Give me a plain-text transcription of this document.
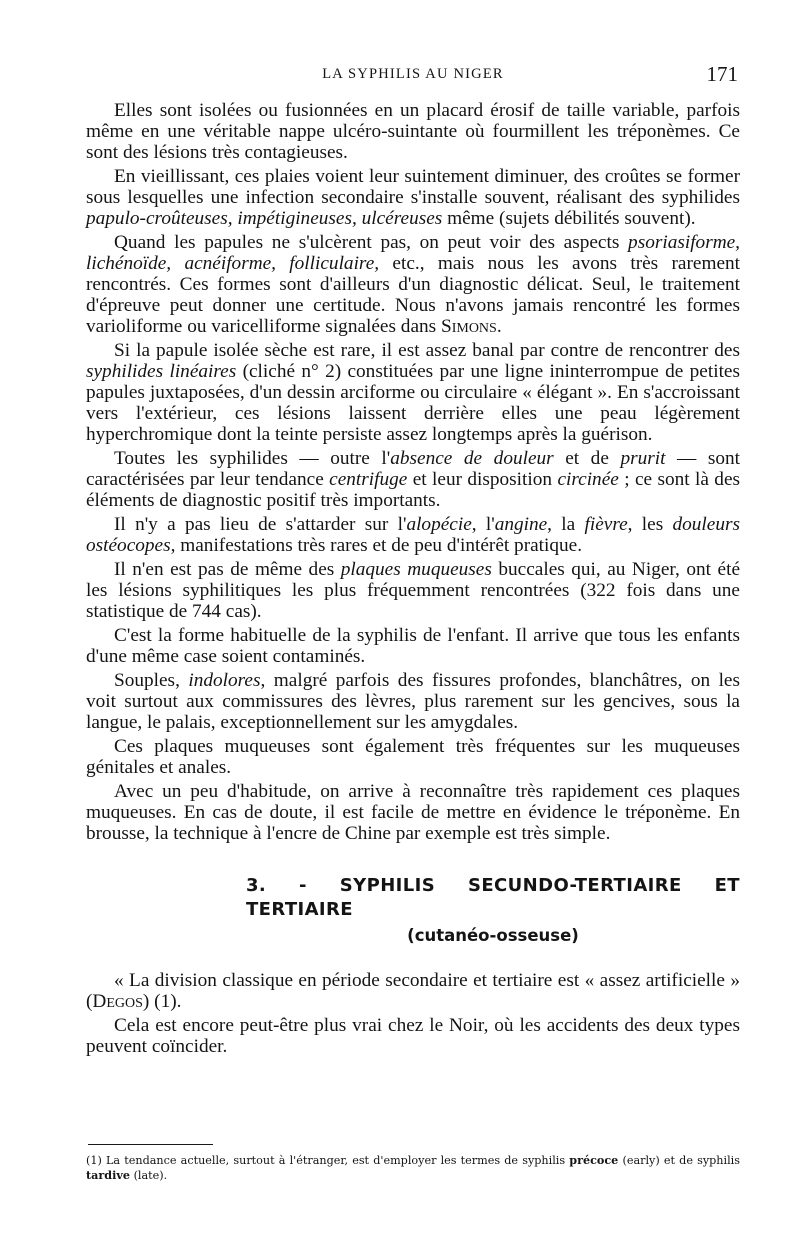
LA SYPHILIS AU NIGER	171

Elles sont isolées ou fusionnées en un placard érosif de taille variable, parfois même en une véritable nappe ulcéro-suintante où fourmillent les tréponèmes. Ce sont des lésions très contagieuses.

En vieillissant, ces plaies voient leur suintement diminuer, des croûtes se former sous lesquelles une infection secondaire s'installe souvent, réalisant des syphilides papulo-croûteuses, impétigineuses, ulcéreuses même (sujets débilités souvent).

Quand les papules ne s'ulcèrent pas, on peut voir des aspects psoriasiforme, lichénoïde, acnéiforme, folliculaire, etc., mais nous les avons très rarement rencontrés. Ces formes sont d'ailleurs d'un diagnostic délicat. Seul, le traitement d'épreuve peut donner une certitude. Nous n'avons jamais rencontré les formes varioliforme ou varicelliforme signalées dans Simons.

Si la papule isolée sèche est rare, il est assez banal par contre de rencontrer des syphilides linéaires (cliché n° 2) constituées par une ligne ininterrompue de petites papules juxtaposées, d'un dessin arciforme ou circulaire « élégant ». En s'accroissant vers l'extérieur, ces lésions laissent derrière elles une peau légèrement hyperchromique dont la teinte persiste assez longtemps après la guérison.

Toutes les syphilides — outre l'absence de douleur et de prurit — sont caractérisées par leur tendance centrifuge et leur disposition circinée ; ce sont là des éléments de diagnostic positif très importants.

Il n'y a pas lieu de s'attarder sur l'alopécie, l'angine, la fièvre, les douleurs ostéocopes, manifestations très rares et de peu d'intérêt pratique.

Il n'en est pas de même des plaques muqueuses buccales qui, au Niger, ont été les lésions syphilitiques les plus fréquemment rencontrées (322 fois dans une statistique de 744 cas).

C'est la forme habituelle de la syphilis de l'enfant. Il arrive que tous les enfants d'une même case soient contaminés.

Souples, indolores, malgré parfois des fissures profondes, blanchâtres, on les voit surtout aux commissures des lèvres, plus rarement sur les gencives, sous la langue, le palais, exceptionnellement sur les amygdales.

Ces plaques muqueuses sont également très fréquentes sur les muqueuses génitales et anales.

Avec un peu d'habitude, on arrive à reconnaître très rapidement ces plaques muqueuses. En cas de doute, il est facile de mettre en évidence le tréponème. En brousse, la technique à l'encre de Chine par exemple est très simple.

3. - SYPHILIS SECUNDO-TERTIAIRE ET TERTIAIRE
(cutanéo-osseuse)

« La division classique en période secondaire et tertiaire est « assez artificielle » (Degos) (1).

Cela est encore peut-être plus vrai chez le Noir, où les accidents des deux types peuvent coïncider.

(1) La tendance actuelle, surtout à l'étranger, est d'employer les termes de syphilis précoce (early) et de syphilis tardive (late).
